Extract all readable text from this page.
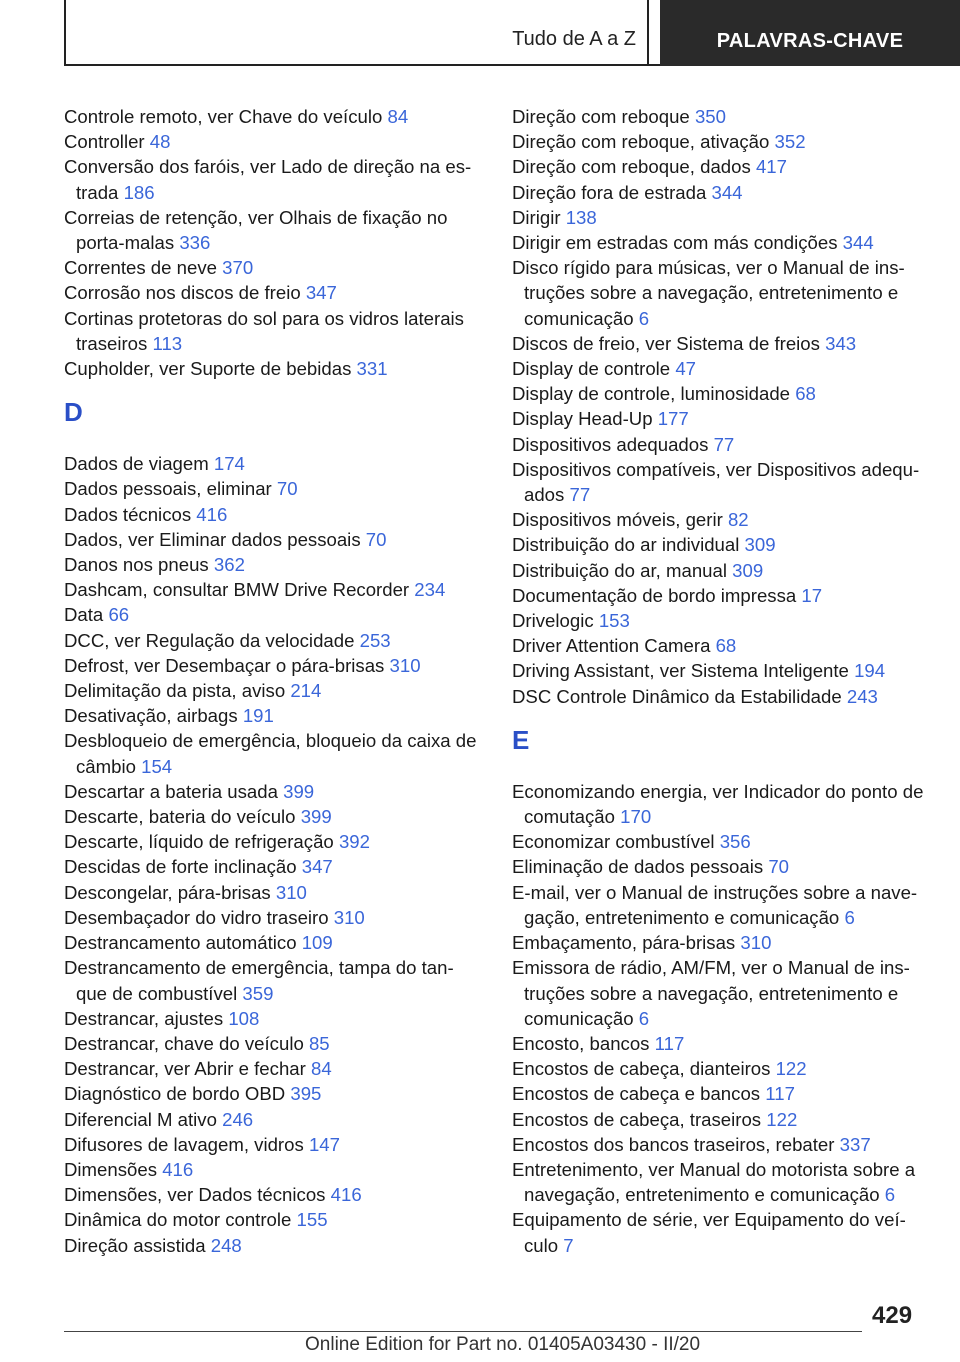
Tudo de A a Z	PALAVRAS-CHAVE
Controle remoto, ver Chave do veículo 84
Controller 48
Conversão dos faróis, ver Lado de direção na es‐trada 186
Correias de retenção, ver Olhais de fixação no porta-malas 336
Correntes de neve 370
Corrosão nos discos de freio 347
Cortinas protetoras do sol para os vidros laterais traseiros 113
Cupholder, ver Suporte de bebidas 331
D
Dados de viagem 174
Dados pessoais, eliminar 70
Dados técnicos 416
Dados, ver Eliminar dados pessoais 70
Danos nos pneus 362
Dashcam, consultar BMW Drive Recorder 234
Data 66
DCC, ver Regulação da velocidade 253
Defrost, ver Desembaçar o pára-brisas 310
Delimitação da pista, aviso 214
Desativação, airbags 191
Desbloqueio de emergência, bloqueio da caixa de câmbio 154
Descartar a bateria usada 399
Descarte, bateria do veículo 399
Descarte, líquido de refrigeração 392
Descidas de forte inclinação 347
Descongelar, pára-brisas 310
Desembaçador do vidro traseiro 310
Destrancamento automático 109
Destrancamento de emergência, tampa do tan‐que de combustível 359
Destrancar, ajustes 108
Destrancar, chave do veículo 85
Destrancar, ver Abrir e fechar 84
Diagnóstico de bordo OBD 395
Diferencial M ativo 246
Difusores de lavagem, vidros 147
Dimensões 416
Dimensões, ver Dados técnicos 416
Dinâmica do motor controle 155
Direção assistida 248
Direção com reboque 350
Direção com reboque, ativação 352
Direção com reboque, dados 417
Direção fora de estrada 344
Dirigir 138
Dirigir em estradas com más condições 344
Disco rígido para músicas, ver o Manual de ins‐truções sobre a navegação, entretenimento e comunicação 6
Discos de freio, ver Sistema de freios 343
Display de controle 47
Display de controle, luminosidade 68
Display Head-Up 177
Dispositivos adequados 77
Dispositivos compatíveis, ver Dispositivos adequ‐ados 77
Dispositivos móveis, gerir 82
Distribuição do ar individual 309
Distribuição do ar, manual 309
Documentação de bordo impressa 17
Drivelogic 153
Driver Attention Camera 68
Driving Assistant, ver Sistema Inteligente 194
DSC Controle Dinâmico da Estabilidade 243
E
Economizando energia, ver Indicador do ponto de comutação 170
Economizar combustível 356
Eliminação de dados pessoais 70
E-mail, ver o Manual de instruções sobre a nave‐gação, entretenimento e comunicação 6
Embaçamento, pára-brisas 310
Emissora de rádio, AM/FM, ver o Manual de ins‐truções sobre a navegação, entretenimento e comunicação 6
Encosto, bancos 117
Encostos de cabeça, dianteiros 122
Encostos de cabeça e bancos 117
Encostos de cabeça, traseiros 122
Encostos dos bancos traseiros, rebater 337
Entretenimento, ver Manual do motorista sobre a navegação, entretenimento e comunicação 6
Equipamento de série, ver Equipamento do veí‐culo 7
429
Online Edition for Part no. 01405A03430 - II/20
